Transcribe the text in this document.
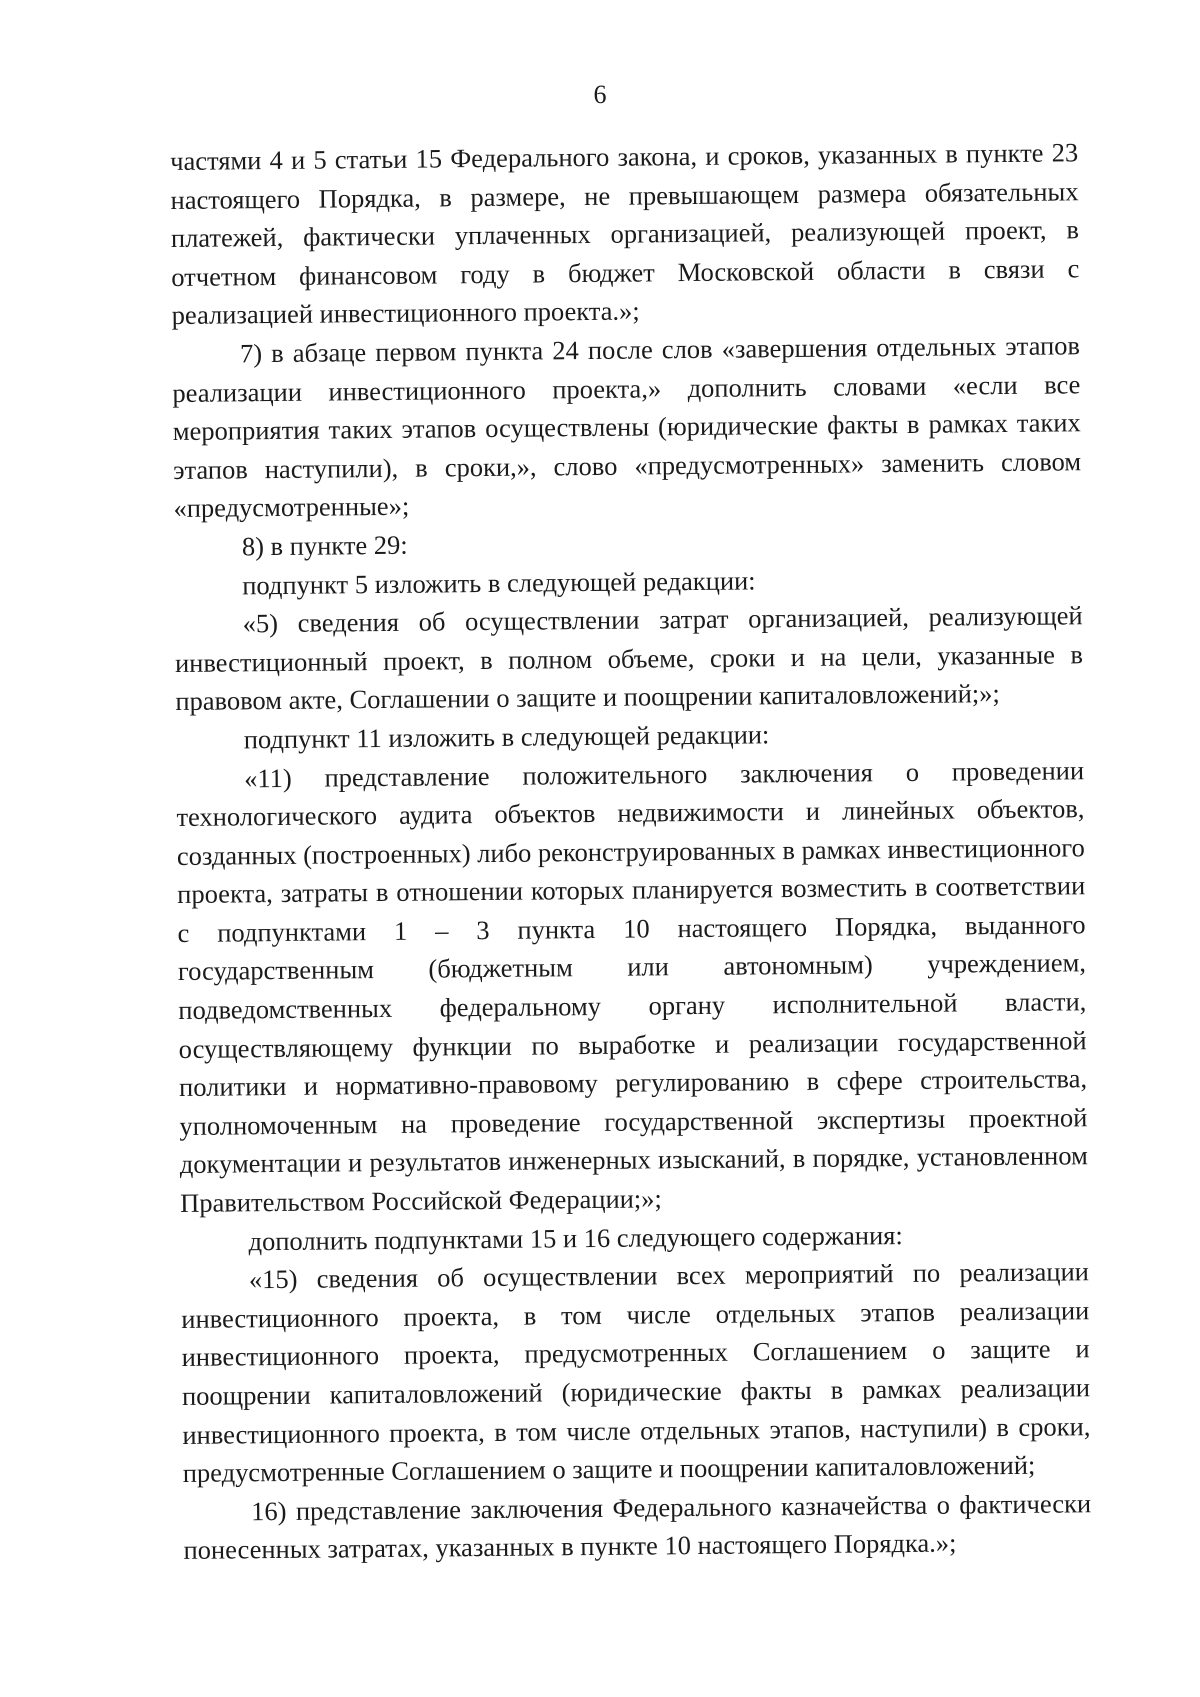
6

частями 4 и 5 статьи 15 Федерального закона, и сроков, указанных в пункте 23 настоящего Порядка, в размере, не превышающем размера обязательных платежей, фактически уплаченных организацией, реализующей проект, в отчетном финансовом году в бюджет Московской области в связи с реализацией инвестиционного проекта.»;

7) в абзаце первом пункта 24 после слов «завершения отдельных этапов реализации инвестиционного проекта,» дополнить словами «если все мероприятия таких этапов осуществлены (юридические факты в рамках таких этапов наступили), в сроки,», слово «предусмотренных» заменить словом «предусмотренные»;

8) в пункте 29:

подпункт 5 изложить в следующей редакции:

«5) сведения об осуществлении затрат организацией, реализующей инвестиционный проект, в полном объеме, сроки и на цели, указанные в правовом акте, Соглашении о защите и поощрении капиталовложений;»;

подпункт 11 изложить в следующей редакции:

«11) представление положительного заключения о проведении технологического аудита объектов недвижимости и линейных объектов, созданных (построенных) либо реконструированных в рамках инвестиционного проекта, затраты в отношении которых планируется возместить в соответствии с подпунктами 1 – 3 пункта 10 настоящего Порядка, выданного государственным (бюджетным или автономным) учреждением, подведомственных федеральному органу исполнительной власти, осуществляющему функции по выработке и реализации государственной политики и нормативно-правовому регулированию в сфере строительства, уполномоченным на проведение государственной экспертизы проектной документации и результатов инженерных изысканий, в порядке, установленном Правительством Российской Федерации;»;

дополнить подпунктами 15 и 16 следующего содержания:

«15) сведения об осуществлении всех мероприятий по реализации инвестиционного проекта, в том числе отдельных этапов реализации инвестиционного проекта, предусмотренных Соглашением о защите и поощрении капиталовложений (юридические факты в рамках реализации инвестиционного проекта, в том числе отдельных этапов, наступили) в сроки, предусмотренные Соглашением о защите и поощрении капиталовложений;

16) представление заключения Федерального казначейства о фактически понесенных затратах, указанных в пункте 10 настоящего Порядка.»;
